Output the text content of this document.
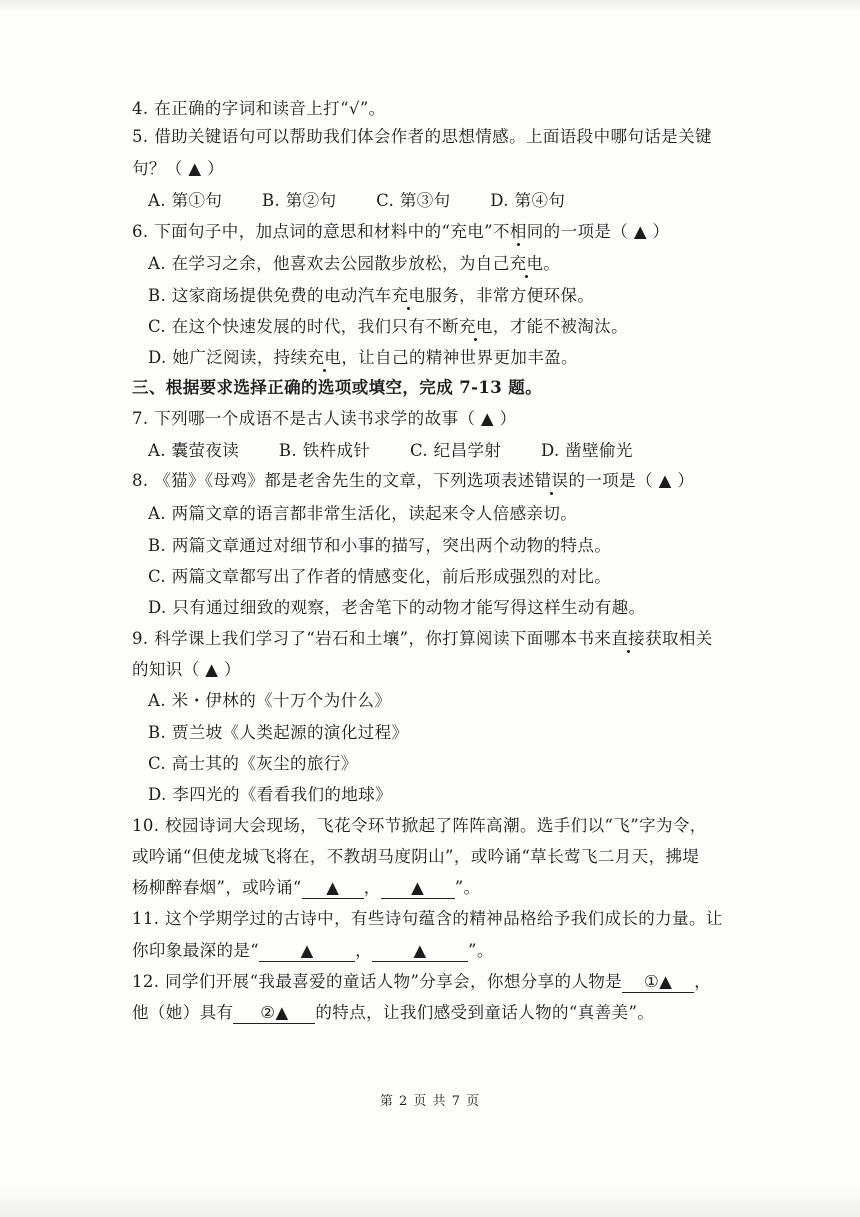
4. 在正确的字词和读音上打“√”。
5. 借助关键语句可以帮助我们体会作者的思想情感。上面语段中哪句话是关键
句？（ ▲ ）
A. 第①句 B. 第②句 C. 第③句 D. 第④句
6. 下面句子中，加点词的意思和材料中的“充电”不相同的一项是（ ▲ ）
A. 在学习之余，他喜欢去公园散步放松，为自己充电。
B. 这家商场提供免费的电动汽车充电服务，非常方便环保。
C. 在这个快速发展的时代，我们只有不断充电，才能不被淘汰。
D. 她广泛阅读，持续充电，让自己的精神世界更加丰盈。
三、根据要求选择正确的选项或填空，完成 7-13 题。
7. 下列哪一个成语不是古人读书求学的故事（ ▲ ）
A. 囊萤夜读 B. 铁杵成针 C. 纪昌学射 D. 凿壁偷光
8. 《猫》《母鸡》都是老舍先生的文章，下列选项表述错误的一项是（ ▲ ）
A. 两篇文章的语言都非常生活化，读起来令人倍感亲切。
B. 两篇文章通过对细节和小事的描写，突出两个动物的特点。
C. 两篇文章都写出了作者的情感变化，前后形成强烈的对比。
D. 只有通过细致的观察，老舍笔下的动物才能写得这样生动有趣。
9. 科学课上我们学习了“岩石和土壤”，你打算阅读下面哪本书来直接获取相关
的知识（ ▲ ）
A. 米・伊林的《十万个为什么》
B. 贾兰坡《人类起源的演化过程》
C. 高士其的《灰尘的旅行》
D. 李四光的《看看我们的地球》
10. 校园诗词大会现场，飞花令环节掀起了阵阵高潮。选手们以“飞”字为令，
或吟诵“但使龙城飞将在，不教胡马度阴山”，或吟诵“草长莺飞二月天，拂堤
杨柳醉春烟”，或吟诵“ ▲ ， ▲ ”。
11. 这个学期学过的古诗中，有些诗句蕴含的精神品格给予我们成长的力量。让
你印象最深的是“	▲	，	▲	”。
12. 同学们开展“我最喜爱的童话人物”分享会，你想分享的人物是 ①▲ ，
他（她）具有 ②▲ 的特点，让我们感受到童话人物的“真善美”。
第 2 页 共 7 页
